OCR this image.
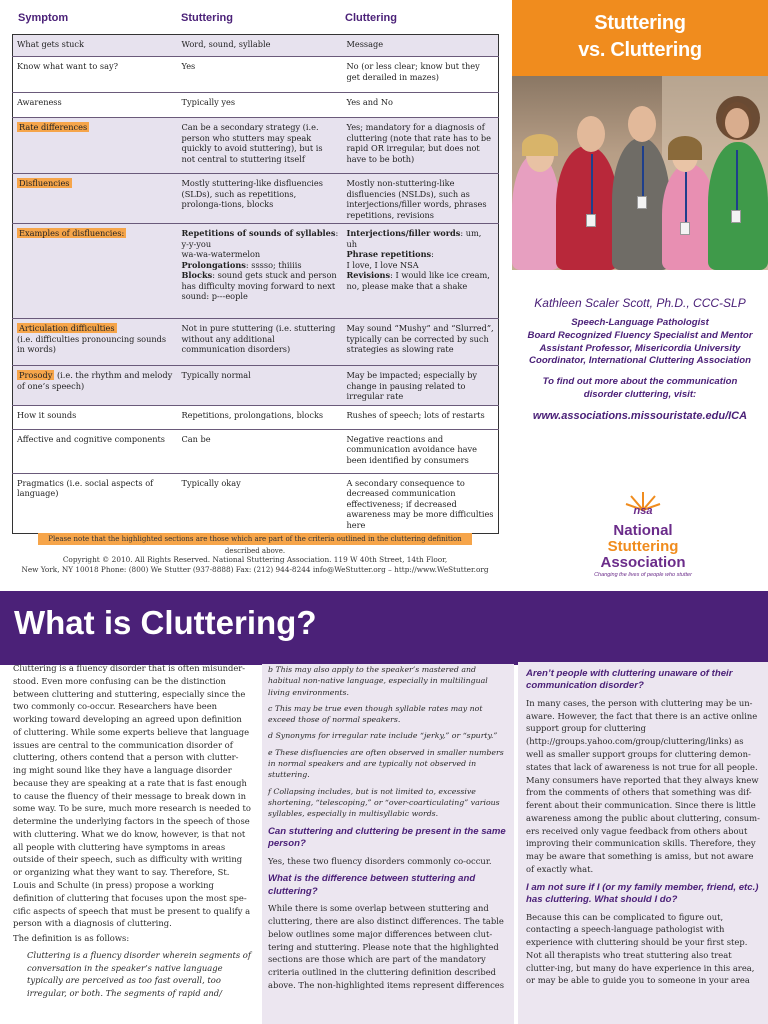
Symptom	Stuttering	Cluttering
What gets stuck	Word, sound, syllable	Message
Know what want to say?	Yes	No (or less clear; know but they get derailed in mazes)
Awareness	Typically yes	Yes and No
Rate differences	Can be a secondary strategy (i.e. person who stutters may speak quickly to avoid stuttering), but is not central to stuttering itself	Yes; mandatory for a diagnosis of cluttering (note that rate has to be rapid OR irregular, but does not have to be both)
Disfluencies	Mostly stuttering-like disfluencies (SLDs), such as repetitions, prolonga-tions, blocks	Mostly non-stuttering-like disfluencies (NSLDs), such as interjections/filler words, phrases repetitions, revisions
Examples of disfluencies:	Repetitions of sounds of syllables:
y-y-you
wa-wa-watermelon
Prolongations: sssso; thiiiis
Blocks: sound gets stuck and person has difficulty moving forward to next sound: p---eople	Interjections/filler words: um, uh
Phrase repetitions:
I love, I love NSA
Revisions: I would like ice cream, no, please make that a shake
Articulation difficulties
(i.e. difficulties pronouncing sounds in words)	Not in pure stuttering (i.e. stuttering without any additional communication disorders)	May sound “Mushy” and “Slurred”, typically can be corrected by such strategies as slowing rate
Prosody (i.e. the rhythm and melody of one’s speech)	Typically normal	May be impacted; especially by change in pausing related to irregular rate
How it sounds	Repetitions, prolongations, blocks	Rushes of speech; lots of restarts
Affective and cognitive components	Can be	Negative reactions and communication avoidance have been identified by consumers
Pragmatics (i.e. social aspects of language)	Typically okay	A secondary consequence to decreased communication effectiveness; if decreased awareness may be more difficulties here
Please note that the highlighted sections are those which are part of the criteria outlined in the cluttering definition described above.
Copyright © 2010. All Rights Reserved. National Stuttering Association. 119 W 40th Street, 14th Floor,
New York, NY 10018 Phone: (800) We Stutter (937-8888) Fax: (212) 944-8244 info@WeStutter.org – http://www.WeStutter.org
Stuttering
vs. Cluttering
Kathleen Scaler Scott, Ph.D., CCC-SLP
Speech-Language Pathologist
Board Recognized Fluency Specialist and Mentor
Assistant Professor, Misericordia University
Coordinator, International Cluttering Association
To find out more about the communication
disorder cluttering, visit:
www.associations.missouristate.edu/ICA
nsa
National
Stuttering
Association
Changing the lives of people who stutter
What is Cluttering?

Cluttering is a fluency disorder that is often misunder-stood. Even more confusing can be the distinction between cluttering and stuttering, especially since the two commonly co-occur. Researchers have been working toward developing an agreed upon definition of cluttering. While some experts believe that language issues are central to the communication disorder of cluttering, others contend that a person with clutter-ing might sound like they have a language disorder because they are speaking at a rate that is fast enough to cause the fluency of their message to break down in some way. To be sure, much more research is needed to determine the underlying factors in the speech of those with cluttering. What we do know, however, is that not all people with cluttering have symptoms in areas outside of their speech, such as difficulty with writing or organizing what they want to say. Therefore, St. Louis and Schulte (in press) propose a working definition of cluttering that focuses upon the most spe-cific aspects of speech that must be present to qualify a person with a diagnosis of cluttering.

The definition is as follows:

Cluttering is a fluency disorder wherein segments of conversation in the speaker’s native language typically are perceived as too fast overall, too irregular, or both. The segments of rapid and/

b This may also apply to the speaker’s mastered and habitual non-native language, especially in multilingual living environments.

c This may be true even though syllable rates may not exceed those of normal speakers.

d Synonyms for irregular rate include “jerky,” or “spurty.”

e These disfluencies are often observed in smaller numbers in normal speakers and are typically not observed in stuttering.

f Collapsing includes, but is not limited to, excessive shortening, “telescoping,” or “over-coarticulating” various syllables, especially in multisyllabic words.

Can stuttering and cluttering be present in the same person?

Yes, these two fluency disorders commonly co-occur.

What is the difference between stuttering and cluttering?

While there is some overlap between stuttering and cluttering, there are also distinct differences. The table below outlines some major differences between clut-tering and stuttering. Please note that the highlighted sections are those which are part of the mandatory criteria outlined in the cluttering definition described above. The non-highlighted items represent differences

Aren’t people with cluttering unaware of their communication disorder?

In many cases, the person with cluttering may be un-aware. However, the fact that there is an active online support group for cluttering (http://groups.yahoo.com/group/cluttering/links) as well as smaller support groups for cluttering demon-states that lack of awareness is not true for all people. Many consumers have reported that they always knew from the comments of others that something was dif-ferent about their communication. Since there is little awareness among the public about cluttering, consum-ers received only vague feedback from others about improving their communication skills. Therefore, they may be aware that something is amiss, but not aware of exactly what.

I am not sure if I (or my family member, friend, etc.) has cluttering. What should I do?

Because this can be complicated to figure out, contacting a speech-language pathologist with experience with cluttering should be your first step. Not all therapists who treat stuttering also treat clutter-ing, but many do have experience in this area, or may be able to guide you to someone in your area
